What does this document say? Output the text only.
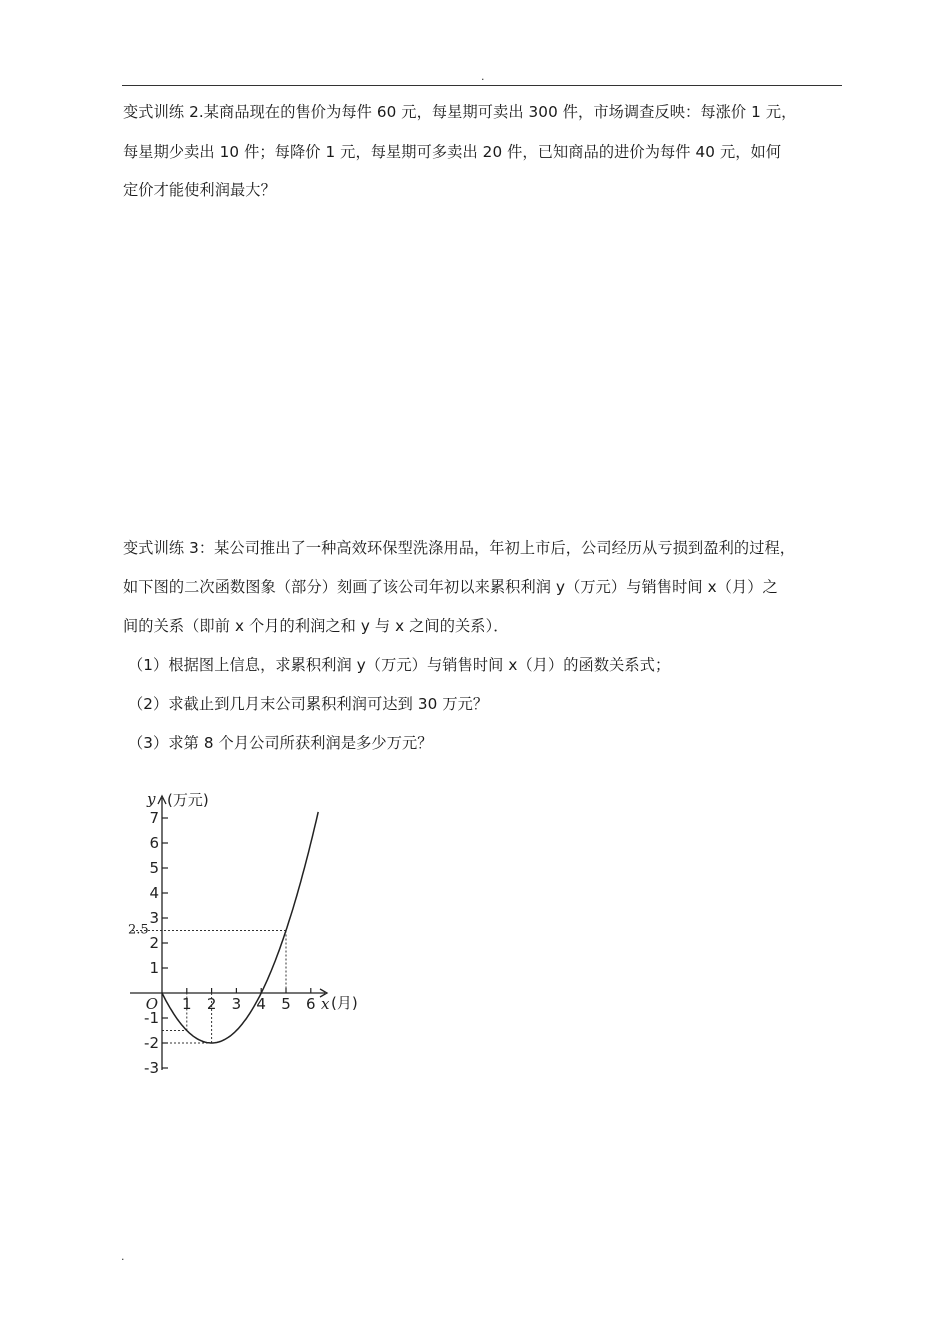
.
变式训练 2.某商品现在的售价为每件 60 元，每星期可卖出 300 件，市场调查反映：每涨价 1 元，
每星期少卖出 10 件；每降价 1 元，每星期可多卖出 20 件，已知商品的进价为每件 40 元，如何
定价才能使利润最大？
变式训练 3：某公司推出了一种高效环保型洗涤用品，年初上市后，公司经历从亏损到盈利的过程，
如下图的二次函数图象（部分）刻画了该公司年初以来累积利润 y（万元）与销售时间 x（月）之
间的关系（即前 x 个月的利润之和 y 与 x 之间的关系）．
（1）根据图上信息，求累积利润 y（万元）与销售时间 x（月）的函数关系式；
（2）求截止到几月末公司累积利润可达到 30 万元？
（3）求第 8 个月公司所获利润是多少万元？
1 2 3 4 5 6
-3
-2
-1
1
2
3
4
5
6
7
2.5
O	x (月)
y (万元)
.
